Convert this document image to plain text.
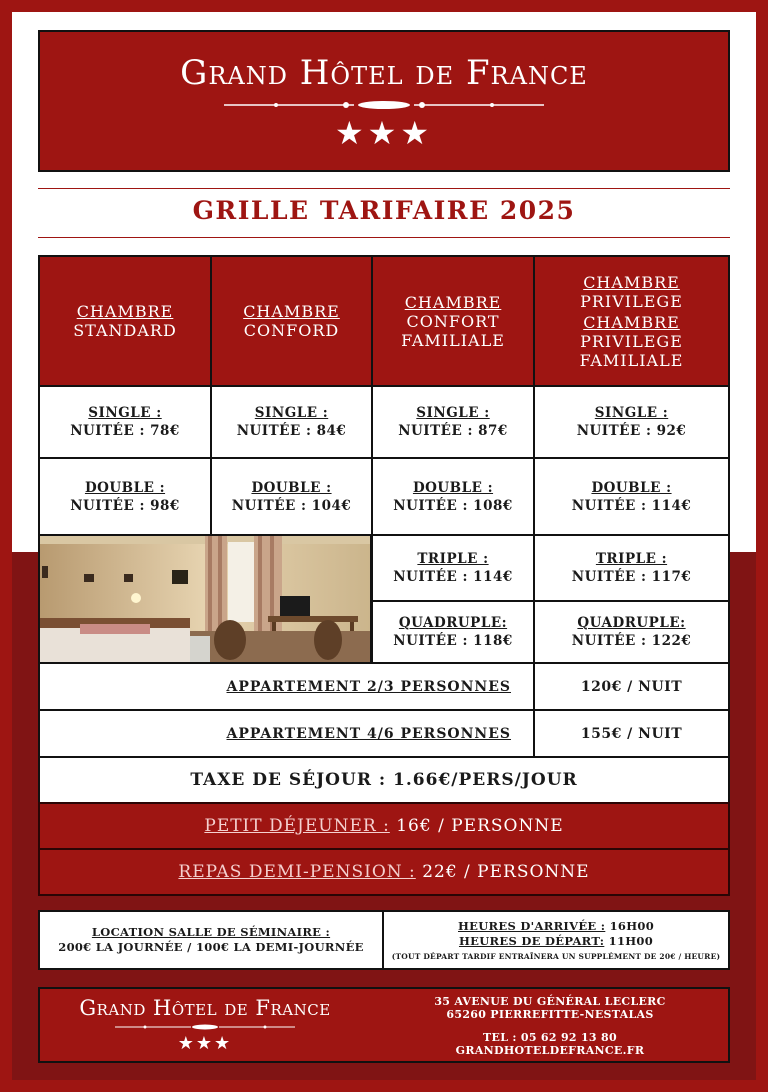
Grand Hôtel de France
★★★
GRILLE TARIFAIRE 2025
CHAMBRE
STANDARD
CHAMBRE
CONFORD
CHAMBRE
CONFORT
FAMILIALE
CHAMBRE
PRIVILEGE
CHAMBRE
PRIVILEGE
FAMILIALE
SINGLE :
NUITÉE : 78€
SINGLE :
NUITÉE : 84€
SINGLE :
NUITÉE : 87€
SINGLE :
NUITÉE : 92€
DOUBLE :
NUITÉE : 98€
DOUBLE :
NUITÉE : 104€
DOUBLE :
NUITÉE : 108€
DOUBLE :
NUITÉE : 114€
TRIPLE :
NUITÉE : 114€
TRIPLE :
NUITÉE : 117€
QUADRUPLE:
NUITÉE : 118€
QUADRUPLE:
NUITÉE : 122€
APPARTEMENT 2/3 PERSONNES	120€ / NUIT
APPARTEMENT 4/6 PERSONNES	155€ / NUIT
TAXE DE SÉJOUR : 1.66€/PERS/JOUR
PETIT DÉJEUNER :
16€ / PERSONNE
REPAS DEMI-PENSION :
22€ / PERSONNE
LOCATION SALLE DE SÉMINAIRE :
200€ LA JOURNÉE / 100€ LA DEMI-JOURNÉE
HEURES D'ARRIVÉE : 16H00
HEURES DE DÉPART: 11H00
(TOUT DÉPART TARDIF ENTRAÎNERA UN SUPPLÉMENT DE 20€ / HEURE)
Grand Hôtel de France
★★★
35 AVENUE DU GÉNÉRAL LECLERC
65260 PIERREFITTE-NESTALAS
TEL : 05 62 92 13 80
GRANDHOTELDEFRANCE.FR
